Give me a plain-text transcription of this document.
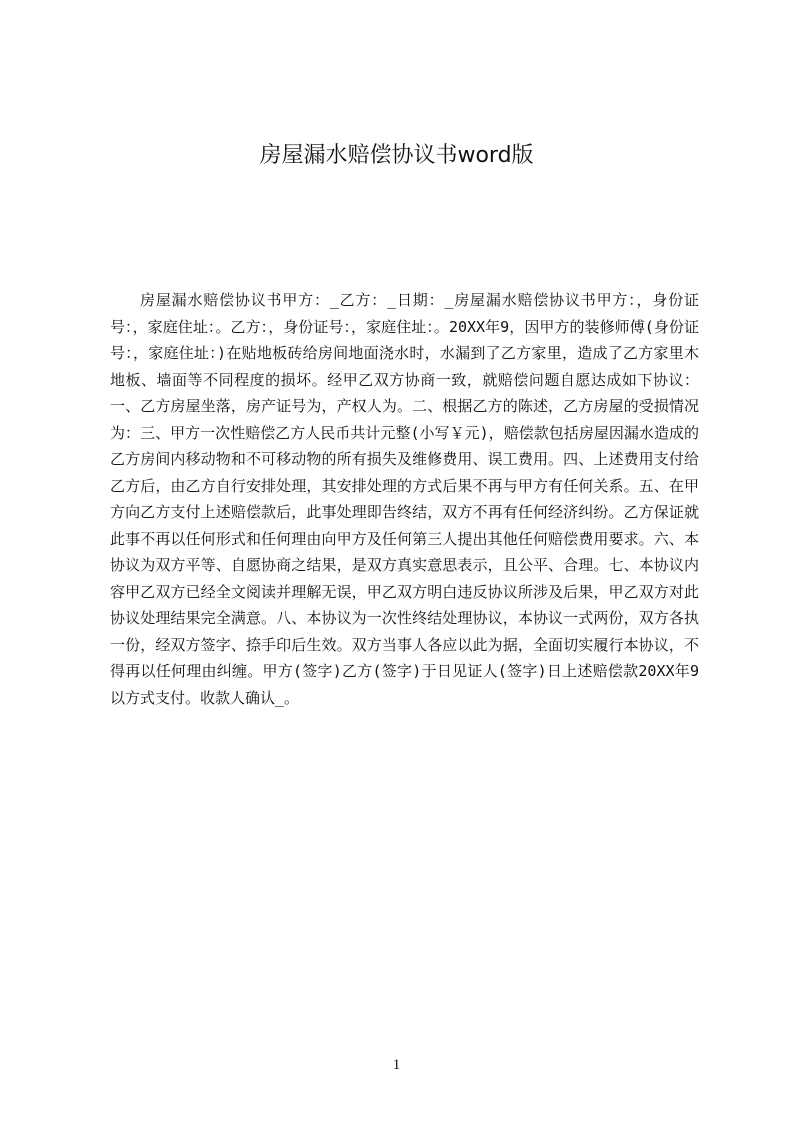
房屋漏水赔偿协议书word版

房屋漏水赔偿协议书甲方：_乙方：_日期：_房屋漏水赔偿协议书甲方：，身份证号：，家庭住址：。乙方：，身份证号：，家庭住址：。20XX年9，因甲方的装修师傅(身份证号：，家庭住址：)在贴地板砖给房间地面浇水时，水漏到了乙方家里，造成了乙方家里木地板、墙面等不同程度的损坏。经甲乙双方协商一致，就赔偿问题自愿达成如下协议：一、乙方房屋坐落，房产证号为，产权人为。二、根据乙方的陈述，乙方房屋的受损情况为：三、甲方一次性赔偿乙方人民币共计元整(小写￥元)，赔偿款包括房屋因漏水造成的乙方房间内移动物和不可移动物的所有损失及维修费用、误工费用。四、上述费用支付给乙方后，由乙方自行安排处理，其安排处理的方式后果不再与甲方有任何关系。五、在甲方向乙方支付上述赔偿款后，此事处理即告终结，双方不再有任何经济纠纷。乙方保证就此事不再以任何形式和任何理由向甲方及任何第三人提出其他任何赔偿费用要求。六、本协议为双方平等、自愿协商之结果，是双方真实意思表示，且公平、合理。七、本协议内容甲乙双方已经全文阅读并理解无误，甲乙双方明白违反协议所涉及后果，甲乙双方对此协议处理结果完全满意。八、本协议为一次性终结处理协议，本协议一式两份，双方各执一份，经双方签字、捺手印后生效。双方当事人各应以此为据，全面切实履行本协议，不得再以任何理由纠缠。甲方(签字)乙方(签字)于日见证人(签字)日上述赔偿款20XX年9以方式支付。收款人确认_。

1
